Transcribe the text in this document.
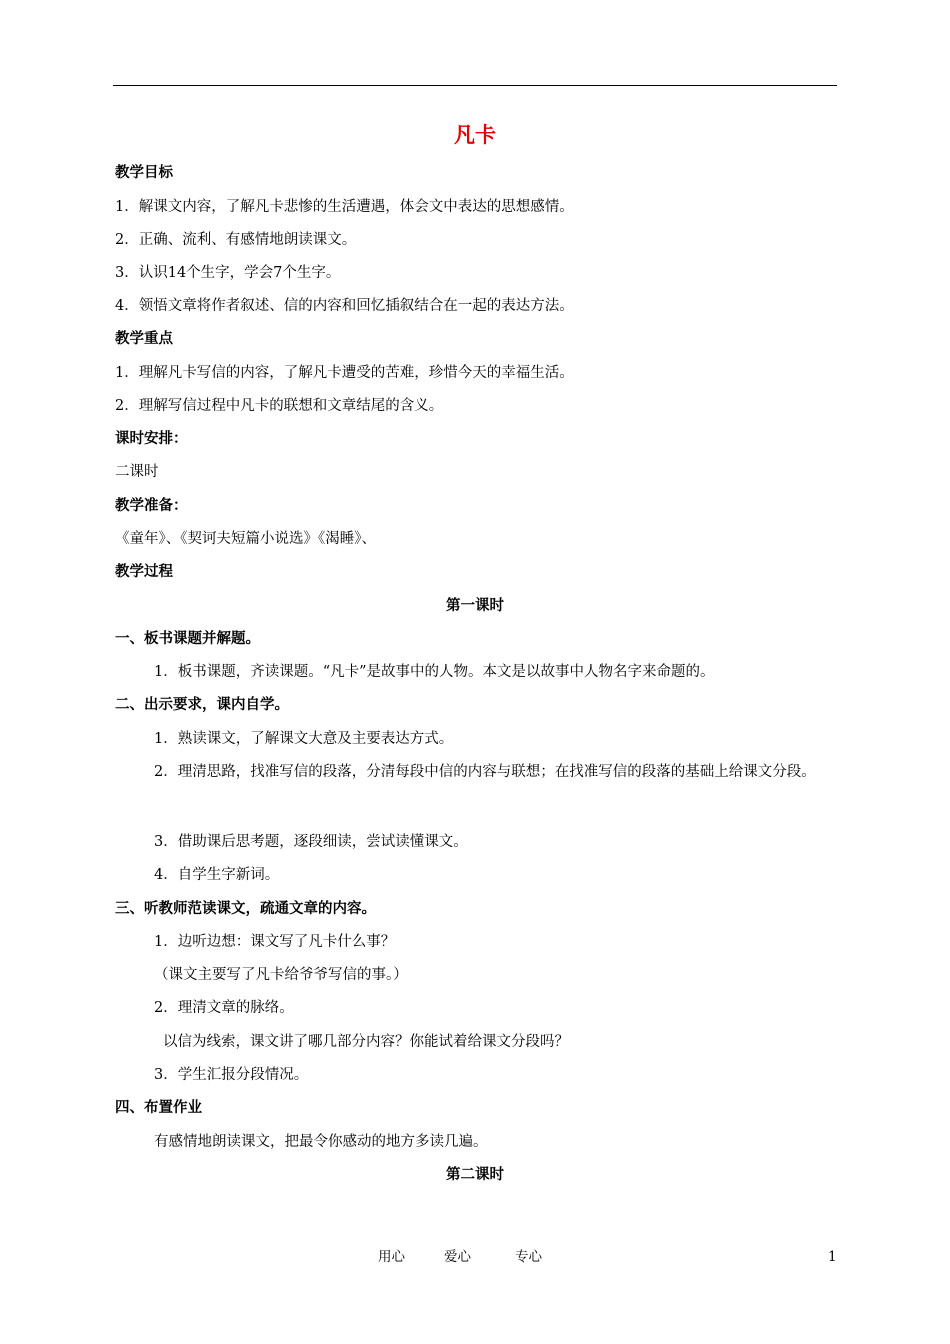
凡卡
教学目标
1．解课文内容，了解凡卡悲惨的生活遭遇，体会文中表达的思想感情。
2．正确、流利、有感情地朗读课文。
3．认识14个生字，学会7个生字。
4．领悟文章将作者叙述、信的内容和回忆插叙结合在一起的表达方法。
教学重点
1．理解凡卡写信的内容，了解凡卡遭受的苦难，珍惜今天的幸福生活。
2．理解写信过程中凡卡的联想和文章结尾的含义。
课时安排：
二课时
教学准备：
《童年》、《契诃夫短篇小说选》《渴睡》、
教学过程
第一课时
一、板书课题并解题。
1．板书课题，齐读课题。“凡卡”是故事中的人物。本文是以故事中人物名字来命题的。
二、出示要求，课内自学。
1．熟读课文，了解课文大意及主要表达方式。
2．理清思路，找准写信的段落，分清每段中信的内容与联想；在找准写信的段落的基础上给课文分段。
3．借助课后思考题，逐段细读，尝试读懂课文。
4．自学生字新词。
三、听教师范读课文，疏通文章的内容。
1．边听边想：课文写了凡卡什么事？
（课文主要写了凡卡给爷爷写信的事。）
2．理清文章的脉络。
以信为线索，课文讲了哪几部分内容？你能试着给课文分段吗？
3．学生汇报分段情况。
四、布置作业
有感情地朗读课文，把最令你感动的地方多读几遍。
第二课时
用心	爱心	专心	1
